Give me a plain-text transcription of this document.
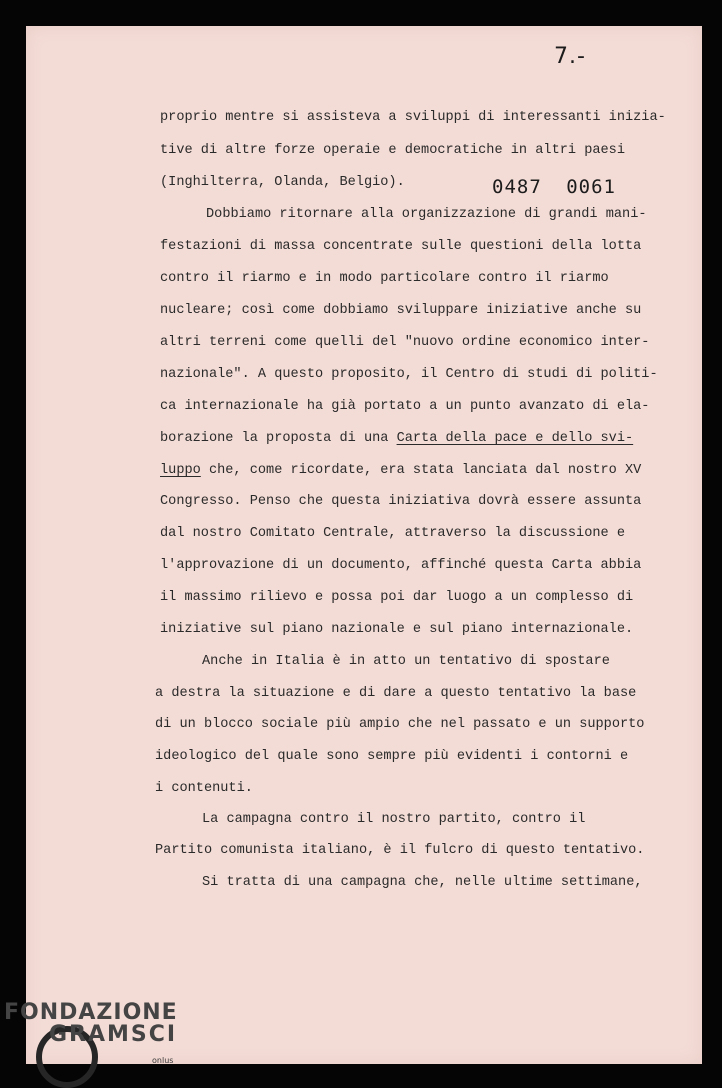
7.-
0487 0061
proprio mentre si assisteva a sviluppi di interessanti inizia-
tive di altre forze operaie e democratiche in altri paesi
(Inghilterra, Olanda, Belgio).
Dobbiamo ritornare alla organizzazione di grandi mani-
festazioni di massa concentrate sulle questioni della lotta
contro il riarmo e in modo particolare contro il riarmo
nucleare; così come dobbiamo sviluppare iniziative anche su
altri terreni come quelli del "nuovo ordine economico inter-
nazionale". A questo proposito, il Centro di studi di politi-
ca internazionale ha già portato a un punto avanzato di ela-
borazione la proposta di una Carta della pace e dello svi-
luppo che, come ricordate, era stata lanciata dal nostro XV
Congresso. Penso che questa iniziativa dovrà essere assunta
dal nostro Comitato Centrale, attraverso la discussione e
l'approvazione di un documento, affinché questa Carta abbia
il massimo rilievo e possa poi dar luogo a un complesso di
iniziative sul piano nazionale e sul piano internazionale.
Anche in Italia è in atto un tentativo di spostare
a destra la situazione e di dare a questo tentativo la base
di un blocco sociale più ampio che nel passato e un supporto
ideologico del quale sono sempre più evidenti i contorni e
i contenuti.
La campagna contro il nostro partito, contro il
Partito comunista italiano, è il fulcro di questo tentativo.
Si tratta di una campagna che, nelle ultime settimane,
FONDAZIONE
GRAMSCI
onlus
